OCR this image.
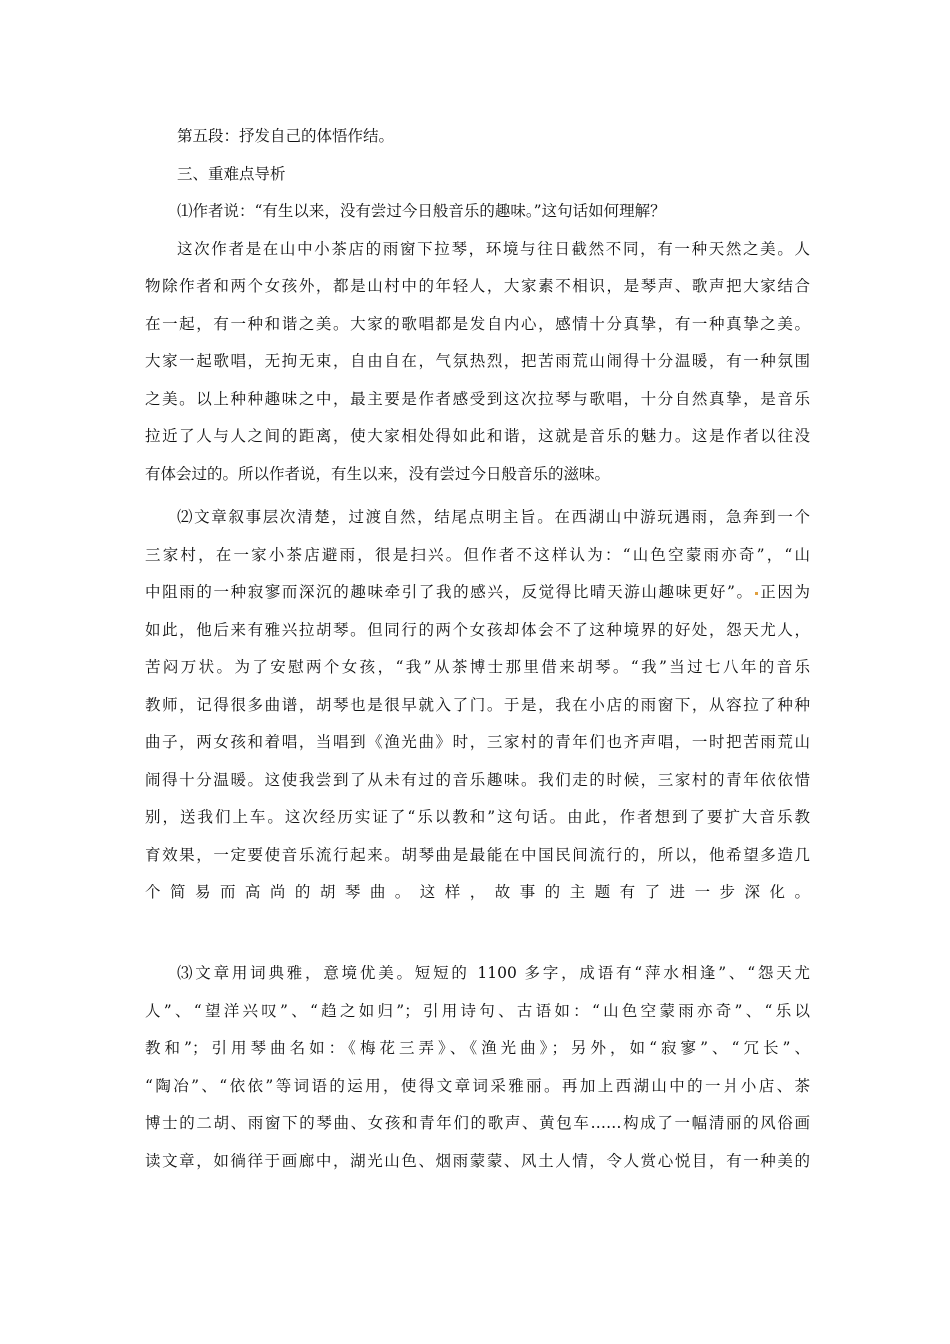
第五段：抒发自己的体悟作结。
三、重难点导析
⑴作者说：“有生以来，没有尝过今日般音乐的趣味。”这句话如何理解？
这次作者是在山中小茶店的雨窗下拉琴，环境与往日截然不同，有一种天然之美。人
物除作者和两个女孩外，都是山村中的年轻人，大家素不相识，是琴声、歌声把大家结合
在一起，有一种和谐之美。大家的歌唱都是发自内心，感情十分真挚，有一种真挚之美。
大家一起歌唱，无拘无束，自由自在，气氛热烈，把苦雨荒山闹得十分温暖，有一种氛围
之美。以上种种趣味之中，最主要是作者感受到这次拉琴与歌唱，十分自然真挚，是音乐
拉近了人与人之间的距离，使大家相处得如此和谐，这就是音乐的魅力。这是作者以往没
有体会过的。所以作者说，有生以来，没有尝过今日般音乐的滋味。
⑵文章叙事层次清楚，过渡自然，结尾点明主旨。在西湖山中游玩遇雨，急奔到一个
三家村，在一家小茶店避雨，很是扫兴。但作者不这样认为：“山色空蒙雨亦奇”，“山
中阻雨的一种寂寥而深沉的趣味牵引了我的感兴，反觉得比晴天游山趣味更好”。 正因为
如此，他后来有雅兴拉胡琴。但同行的两个女孩却体会不了这种境界的好处，怨天尤人，
苦闷万状。为了安慰两个女孩，“我”从茶博士那里借来胡琴。“我”当过七八年的音乐
教师，记得很多曲谱，胡琴也是很早就入了门。于是，我在小店的雨窗下，从容拉了种种
曲子，两女孩和着唱，当唱到《渔光曲》时，三家村的青年们也齐声唱，一时把苦雨荒山
闹得十分温暖。这使我尝到了从未有过的音乐趣味。我们走的时候，三家村的青年依依惜
别，送我们上车。这次经历实证了“乐以教和”这句话。由此，作者想到了要扩大音乐教
育效果，一定要使音乐流行起来。胡琴曲是最能在中国民间流行的，所以，他希望多造几
个简易而高尚的胡琴曲。这样，故事的主题有了进一步深化。
⑶文章用词典雅，意境优美。短短的 1100 多字，成语有“萍水相逢”、“怨天尤
人”、“望洋兴叹”、“趋之如归”；引用诗句、古语如：“山色空蒙雨亦奇”、“乐以
教和”；引用琴曲名如：《梅花三弄》、《渔光曲》；另外，如“寂寥”、“冗长”、
“陶冶”、“依依”等词语的运用，使得文章词采雅丽。再加上西湖山中的一爿小店、茶
博士的二胡、雨窗下的琴曲、女孩和青年们的歌声、黄包车……构成了一幅清丽的风俗画
读文章，如徜徉于画廊中，湖光山色、烟雨蒙蒙、风土人情，令人赏心悦目，有一种美的
